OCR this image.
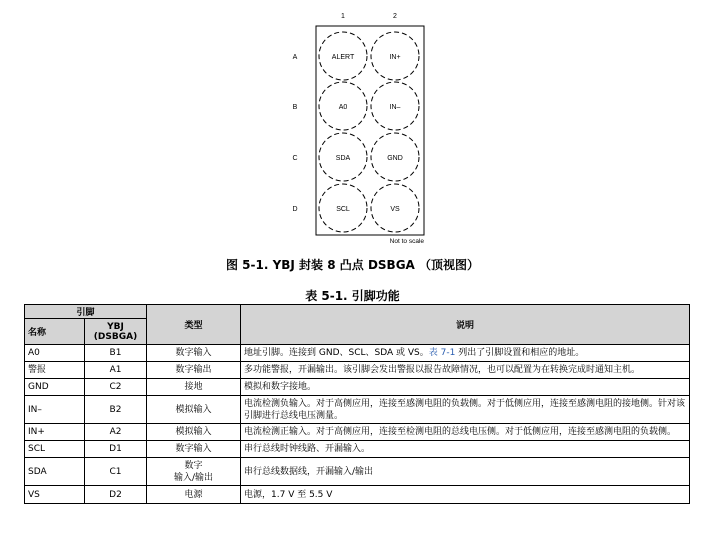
1	2
A
B
C
D
ALERT	IN+
A0	IN–
SDA	GND
SCL	VS
Not to scale
图 5-1. YBJ 封装 8 凸点 DSBGA （顶视图）
表 5-1. 引脚功能
引脚		类型	说明
名称	YBJ
(DSBGA)		
A0	B1	数字输入	地址引脚。连接到 GND、SCL、SDA 或 VS。表 7-1 列出了引脚设置和相应的地址。
警报	A1	数字输出	多功能警报，开漏输出。该引脚会发出警报以报告故障情况，也可以配置为在转换完成时通知主机。
GND	C2	接地	模拟和数字接地。
IN–	B2	模拟输入	电流检测负输入。对于高侧应用，连接至感测电阻的负载侧。对于低侧应用，连接至感测电阻的接地侧。针对该引脚进行总线电压测量。
IN+	A2	模拟输入	电流检测正输入。对于高侧应用，连接至检测电阻的总线电压侧。对于低侧应用，连接至感测电阻的负载侧。
SCL	D1	数字输入	串行总线时钟线路、开漏输入。
SDA	C1	数字
输入/输出	串行总线数据线，开漏输入/输出
VS	D2	电源	电源，1.7 V 至 5.5 V
